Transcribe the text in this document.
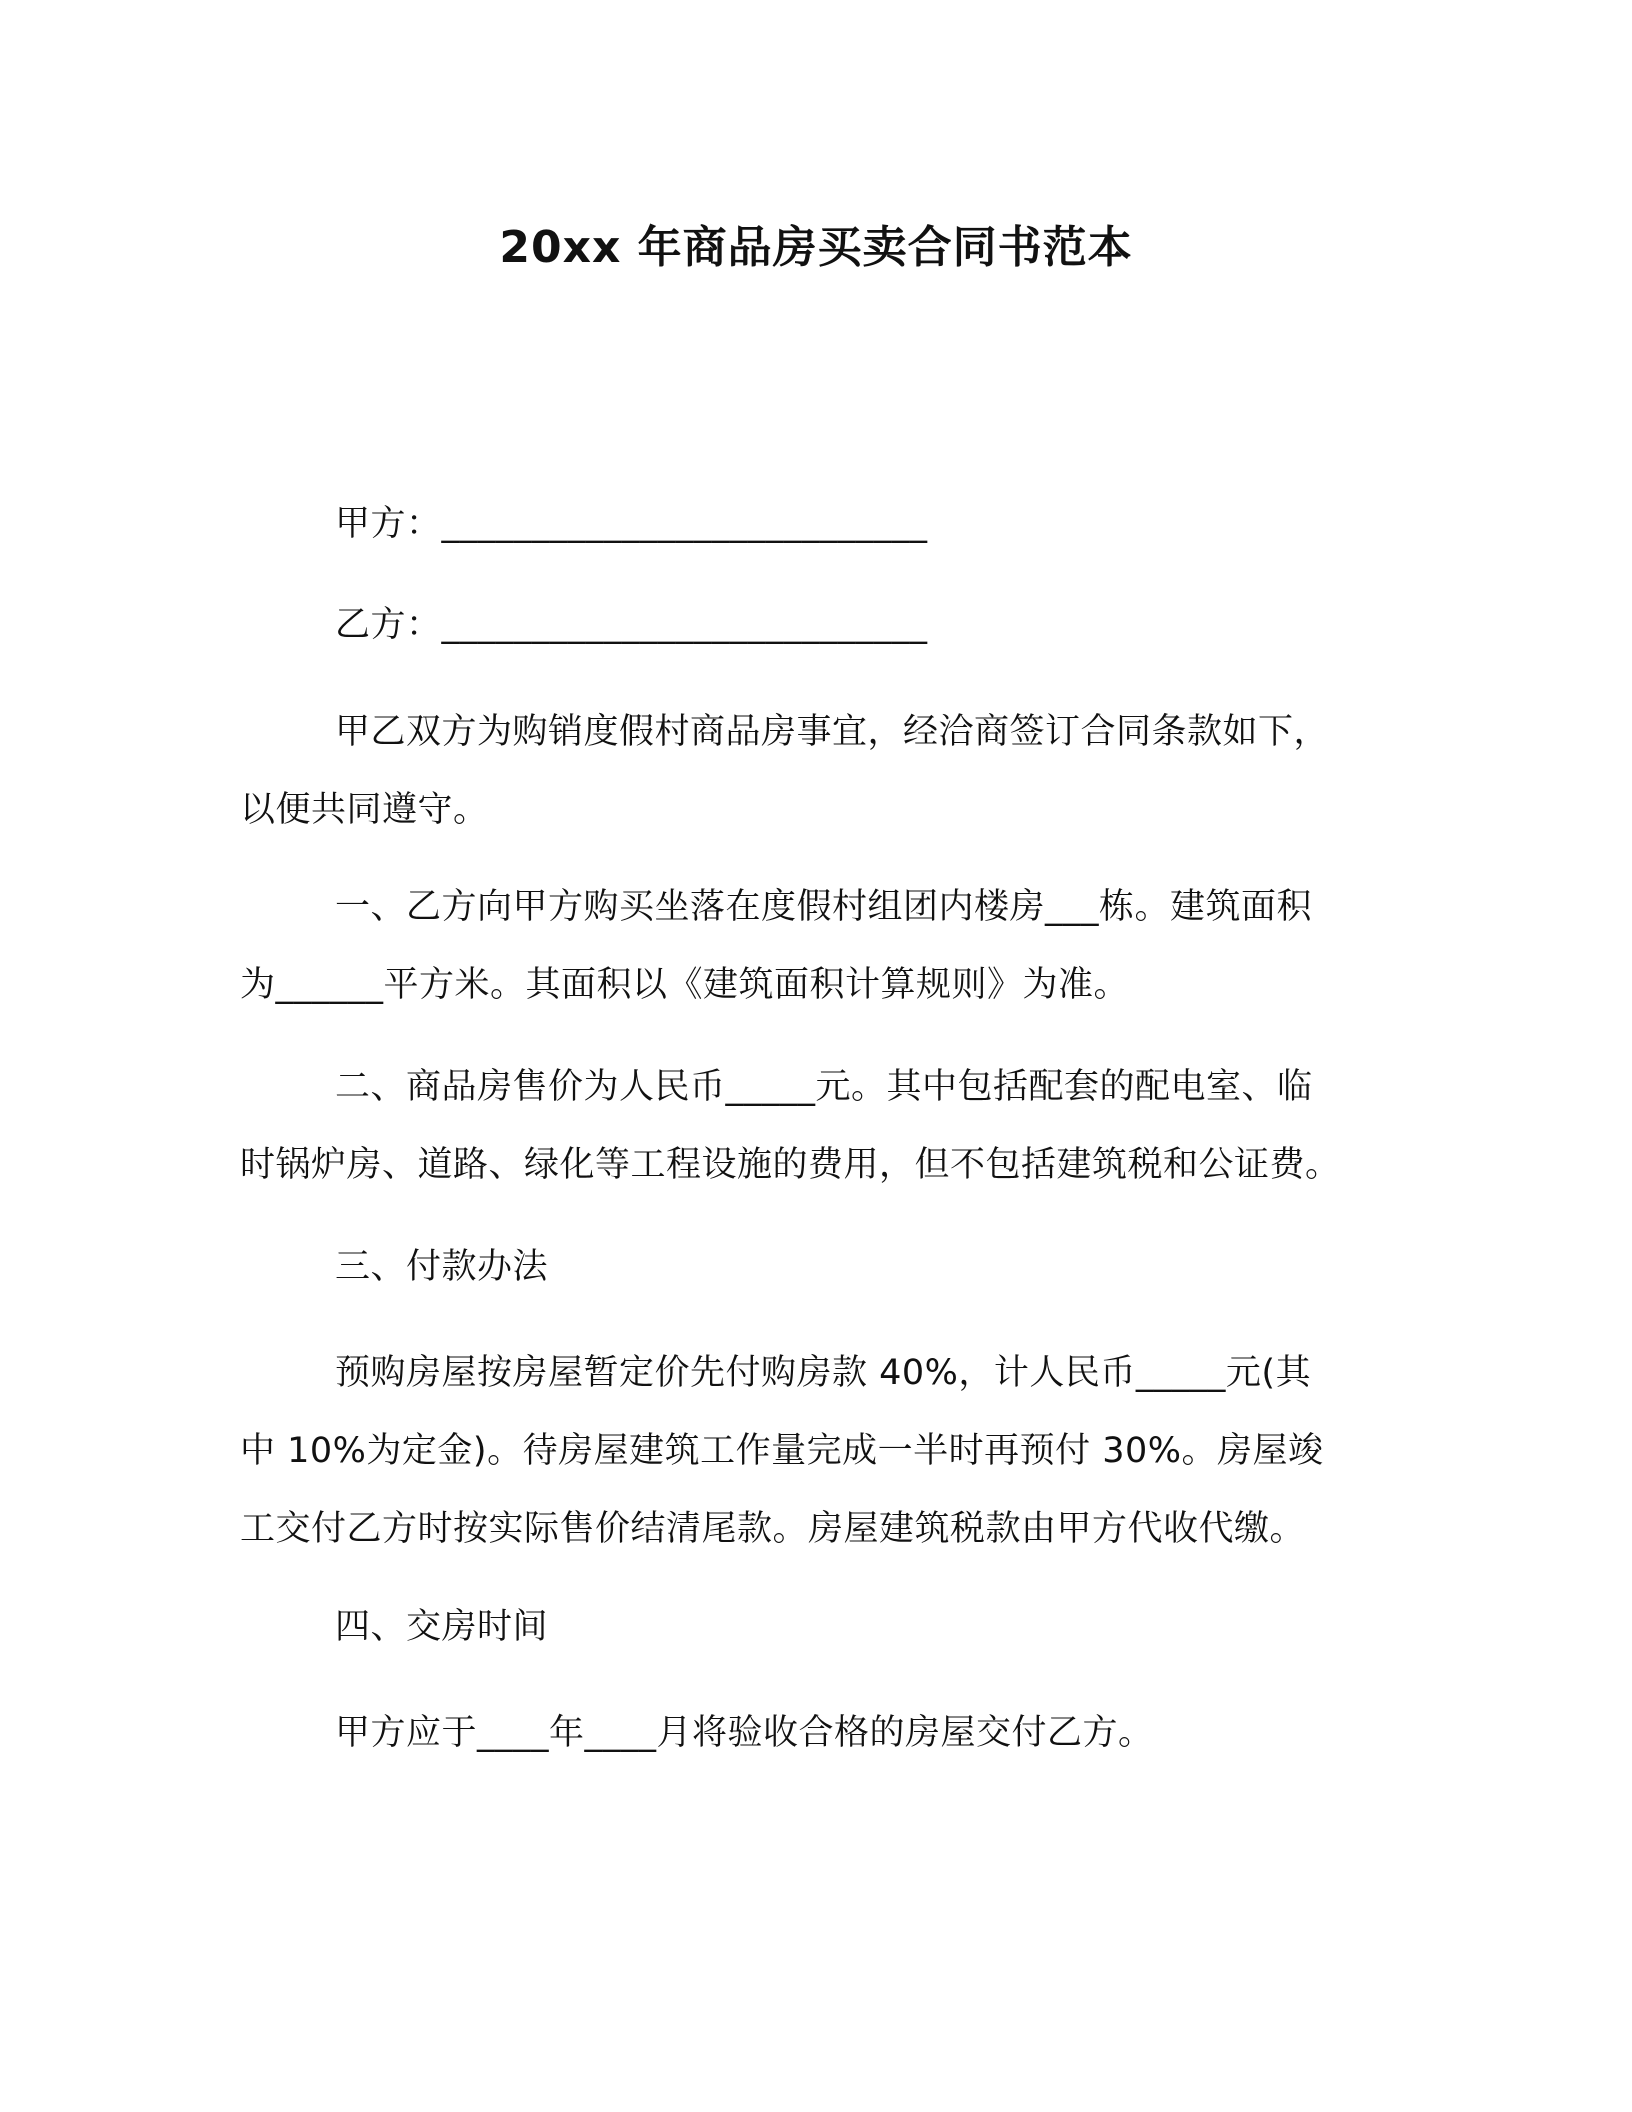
20xx 年商品房买卖合同书范本
甲方：___________________________
乙方：___________________________
甲乙双方为购销度假村商品房事宜，经洽商签订合同条款如下，
以便共同遵守。
一、乙方向甲方购买坐落在度假村组团内楼房___栋。建筑面积
为______平方米。其面积以《建筑面积计算规则》为准。
二、商品房售价为人民币_____元。其中包括配套的配电室、临
时锅炉房、道路、绿化等工程设施的费用，但不包括建筑税和公证费。
三、付款办法
预购房屋按房屋暂定价先付购房款 40%，计人民币_____元(其
中 10%为定金)。待房屋建筑工作量完成一半时再预付 30%。房屋竣
工交付乙方时按实际售价结清尾款。房屋建筑税款由甲方代收代缴。
四、交房时间
甲方应于____年____月将验收合格的房屋交付乙方。
